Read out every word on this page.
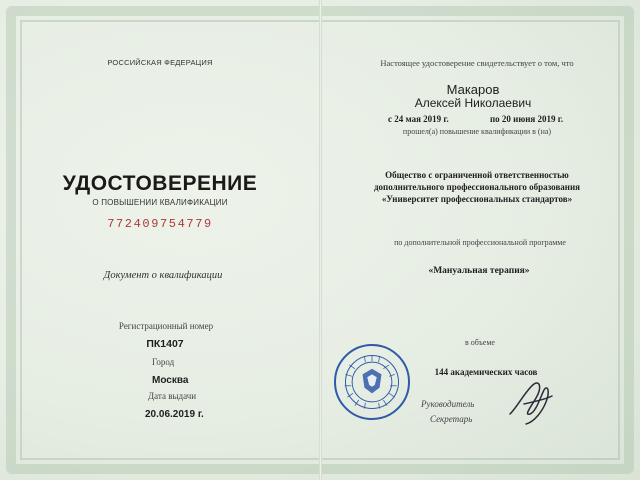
РОССИЙСКАЯ ФЕДЕРАЦИЯ
УДОСТОВЕРЕНИЕ
О ПОВЫШЕНИИ КВАЛИФИКАЦИИ
772409754779
Документ о квалификации
Регистрационный номер
ПК1407
Город
Москва
Дата выдачи
20.06.2019 г.
Настоящее удостоверение свидетельствует о том, что
Макаров
Алексей Николаевич
с 24 мая 2019 г.	по 20 июня 2019 г.
прошел(а) повышение квалификации в (на)
Общество с ограниченной ответственностью
дополнительного профессионального образования
«Университет профессиональных стандартов»
по дополнительной профессиональной программе
«Мануальная терапия»
в объеме
144 академических часов
Руководитель
Секретарь
